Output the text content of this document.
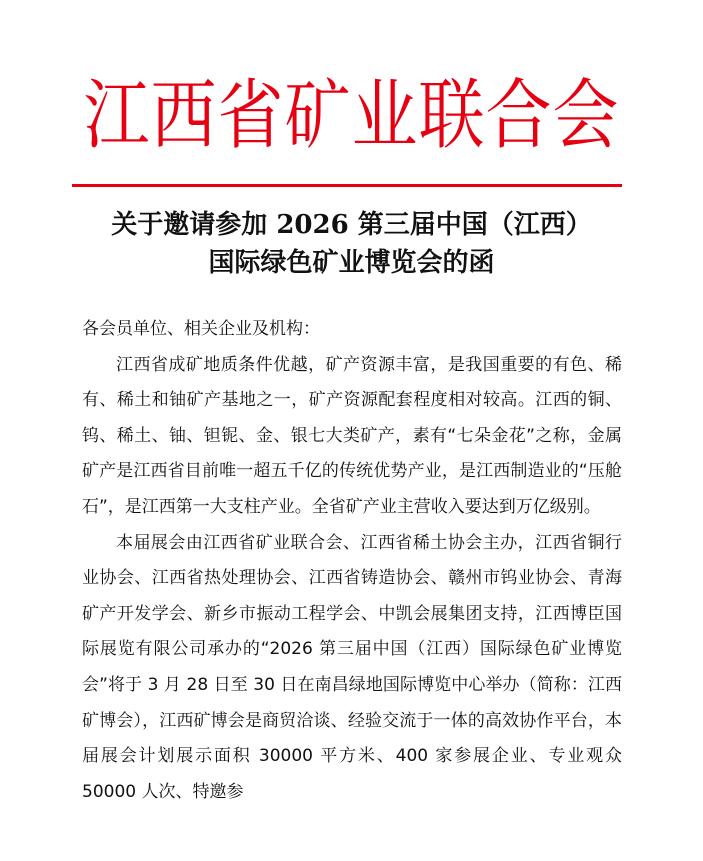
江西省矿业联合会
关于邀请参加 2026 第三届中国（江西）
国际绿色矿业博览会的函

各会员单位、相关企业及机构：

江西省成矿地质条件优越，矿产资源丰富，是我国重要的有色、稀有、稀土和铀矿产基地之一，矿产资源配套程度相对较高。江西的铜、钨、稀土、铀、钽铌、金、银七大类矿产，素有“七朵金花”之称，金属矿产是江西省目前唯一超五千亿的传统优势产业，是江西制造业的“压舱石”，是江西第一大支柱产业。全省矿产业主营收入要达到万亿级别。

本届展会由江西省矿业联合会、江西省稀土协会主办，江西省铜行业协会、江西省热处理协会、江西省铸造协会、赣州市钨业协会、青海矿产开发学会、新乡市振动工程学会、中凯会展集团支持，江西博臣国际展览有限公司承办的“2026 第三届中国（江西）国际绿色矿业博览会”将于 3 月 28 日至 30 日在南昌绿地国际博览中心举办（简称：江西矿博会），江西矿博会是商贸洽谈、经验交流于一体的高效协作平台，本届展会计划展示面积 30000 平方米、400 家参展企业、专业观众 50000 人次、特邀参
